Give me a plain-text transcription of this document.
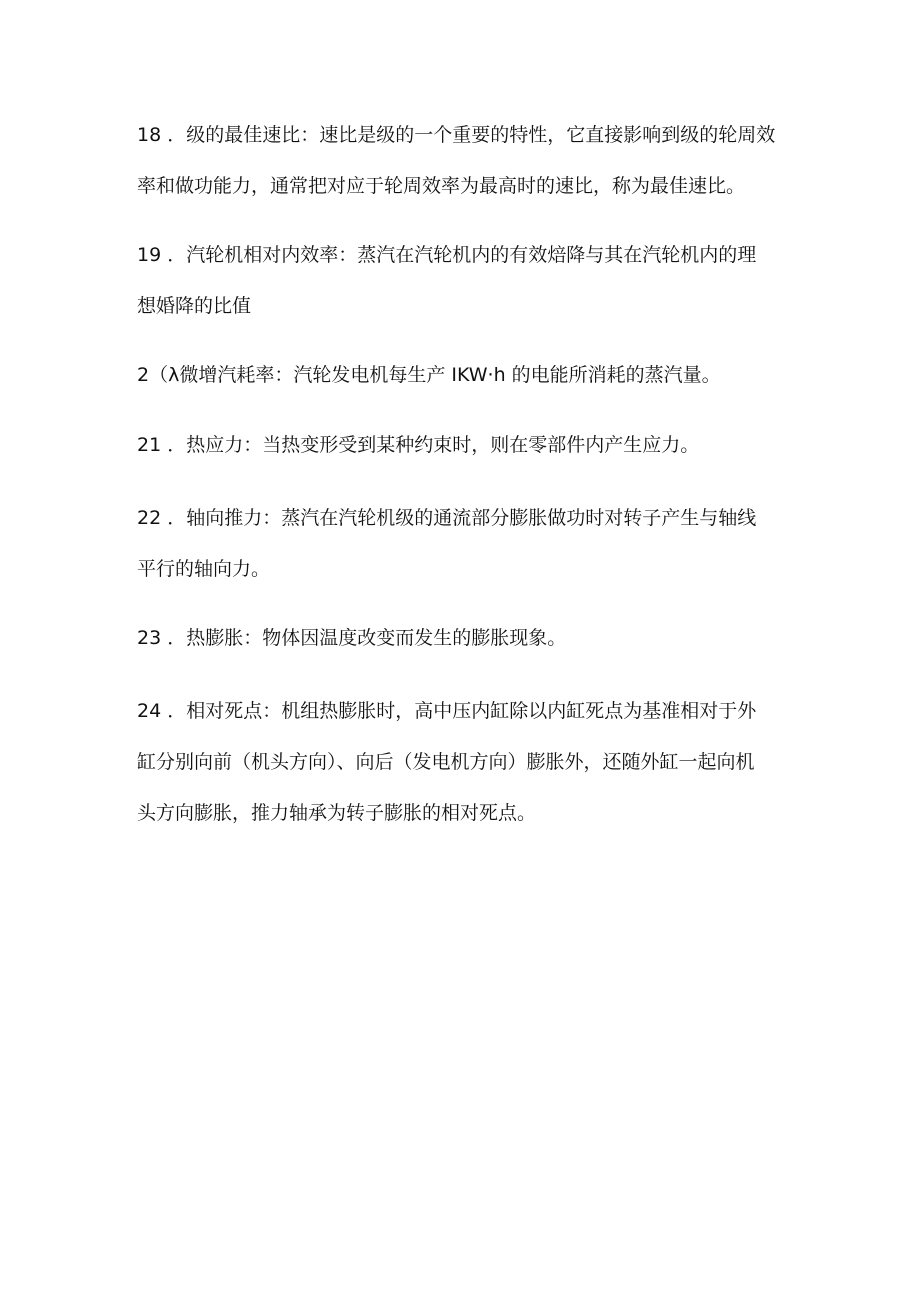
18 ．级的最佳速比：速比是级的一个重要的特性，它直接影响到级的轮周效
率和做功能力，通常把对应于轮周效率为最高时的速比，称为最佳速比。
19 ．汽轮机相对内效率：蒸汽在汽轮机内的有效焙降与其在汽轮机内的理
想婚降的比值
2（λ微增汽耗率：汽轮发电机每生产 IKW·h 的电能所消耗的蒸汽量。
21 ．热应力：当热变形受到某种约束时，则在零部件内产生应力。
22 ．轴向推力：蒸汽在汽轮机级的通流部分膨胀做功时对转子产生与轴线
平行的轴向力。
23 ．热膨胀：物体因温度改变而发生的膨胀现象。
24 ．相对死点：机组热膨胀时，高中压内缸除以内缸死点为基准相对于外
缸分别向前（机头方向）、向后（发电机方向）膨胀外，还随外缸一起向机
头方向膨胀，推力轴承为转子膨胀的相对死点。
